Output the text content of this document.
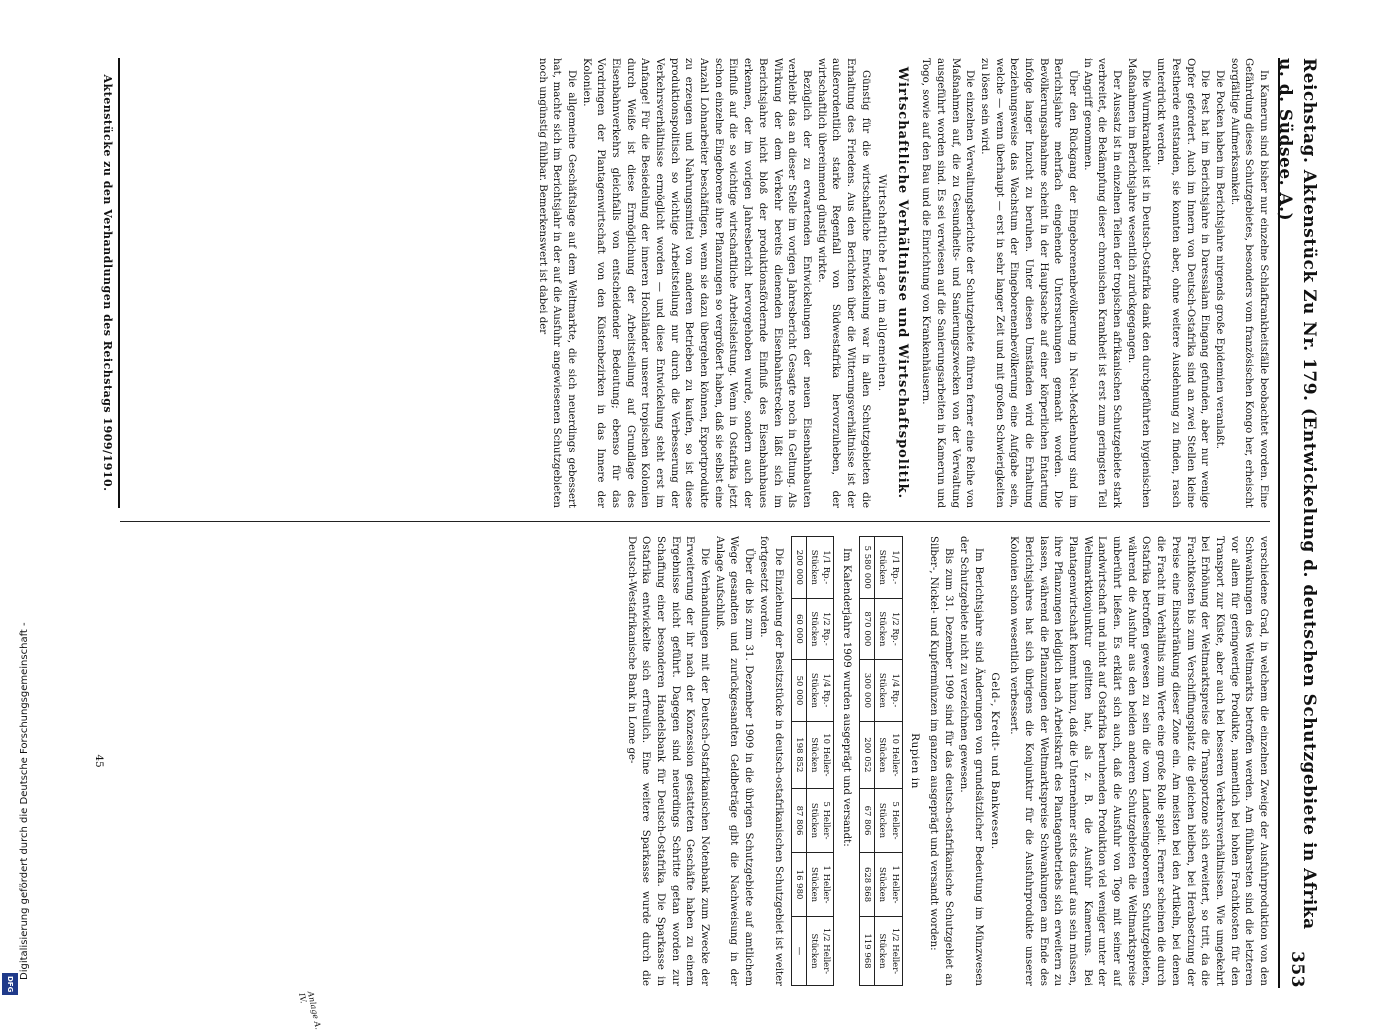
Digitalisierung gefördert durch die Deutsche Forschungsgemeinschaft -
DFG
Reichstag. Aktenstück Zu Nr. 179. (Entwickelung d. deutschen Schutzgebiete in Afrika u. d. Südsee. A.)
353

In Kamerun sind bisher nur einzelne Schlafkrankheitsfälle beobachtet worden. Eine Gefährdung dieses Schutzgebietes, besonders vom französischen Kongo her, erheischt sorgfältige Aufmerksamkeit.

Die Pocken haben im Berichtsjahre nirgends große Epidemien veranlaßt.

Die Pest hat im Berichtsjahre in Daressalam Eingang gefunden, aber nur wenige Opfer gefordert. Auch im Innern von Deutsch-Ostafrika sind an zwei Stellen kleine Pestherde entstanden, sie konnten aber, ohne weitere Ausdehnung zu finden, rasch unterdrückt werden.

Die Wurmkrankheit ist in Deutsch-Ostafrika dank den durchgeführten hygienischen Maßnahmen im Berichtsjahre wesentlich zurückgegangen.

Der Aussatz ist in einzelnen Teilen der tropischen afrikanischen Schutzgebiete stark verbreitet, die Bekämpfung dieser chronischen Krankheit ist erst zum geringsten Teil in Angriff genommen.

Über den Rückgang der Eingeborenenbevölkerung in Neu-Mecklenburg sind im Berichtsjahre mehrfach eingehende Untersuchungen gemacht worden. Die Bevölkerungsabnahme scheint in der Hauptsache auf einer körperlichen Entartung infolge langer Inzucht zu beruhen. Unter diesen Umständen wird die Erhaltung beziehungsweise das Wachstum der Eingeborenenbevölkerung eine Aufgabe sein, welche — wenn überhaupt — erst in sehr langer Zeit und mit großen Schwierigkeiten zu lösen sein wird.

Die einzelnen Verwaltungsberichte der Schutzgebiete führen ferner eine Reihe von Maßnahmen auf, die zu Gesundheits- und Sanierungszwecken von der Verwaltung ausgeführt worden sind. Es sei verwiesen auf die Sanierungsarbeiten in Kamerun und Togo, sowie auf den Bau und die Einrichtung von Krankenhäusern.

Wirtschaftliche Verhältnisse und Wirtschaftspolitik.
Wirtschaftliche Lage im allgemeinen.

Günstig für die wirtschaftliche Entwickelung war in allen Schutzgebieten die Erhaltung des Friedens. Aus den Berichten über die Witterungsverhältnisse ist der außerordentlich starke Regenfall von Südwestafrika hervorzuheben, der wirtschaftlich übereinmend günstig wirkte.

Bezüglich der zu erwartenden Entwickelungen der neuen Eisenbahnbauten verbleibt das an dieser Stelle im vorigen Jahresbericht Gesagte noch in Geltung. Als Wirkung der dem Verkehr bereits dienenden Eisenbahnstrecken läßt sich im Berichtsjahre nicht bloß der produktionsfördernde Einfluß des Eisenbahnbaues erkennen, der im vorigen Jahresbericht hervorgehoben wurde, sondern auch der Einfluß auf die so wichtige wirtschaftliche Arbeitsleistung. Wenn in Ostafrika jetzt schon einzelne Eingeborene ihre Pflanzungen so vergrößert haben, daß sie selbst eine Anzahl Lohnarbeiter beschäftigen, wenn sie dazu übergehen können, Exportprodukte zu erzeugen und Nahrungsmittel von anderen Betrieben zu kaufen, so ist diese produktionspolitisch so wichtige Arbeitsteilung nur durch die Verbesserung der Verkehrsverhältnisse ermöglicht worden — und diese Entwickelung steht erst im Anfange! Für die Besiedelung der inneren Hochländer unserer tropischen Kolonien durch Weiße ist diese Ermöglichung der Arbeitsteilung auf Grundlage des Eisenbahnverkehrs gleichfalls von entscheidender Bedeutung; ebenso für das Vordringen der Plantagenwirtschaft von den Küstenbezirken in das Innere der Kolonien.

Die allgemeine Geschäftslage auf dem Weltmarkte, die sich neuerdings gebessert hat, machte sich im Berichtsjahr in der auf die Ausfuhr angewiesenen Schutzgebieten noch ungünstig fühlbar. Bemerkenswert ist dabei der

verschiedene Grad, in welchem die einzelnen Zweige der Ausfuhrproduktion von den Schwankungen des Weltmarkts betroffen werden. Am fühlbarsten sind die letzteren vor allem für geringwertige Produkte, namentlich bei hohen Frachtkosten für den Transport zur Küste, aber auch bei besseren Verkehrsverhältnissen. Wie umgekehrt bei Erhöhung der Weltmarktspreise die Transportzone sich erweitert, so tritt, da die Frachtkosten bis zum Verschiffungsplatz die gleichen bleiben, bei Herabsetzung der Preise eine Einschränkung dieser Zone ein. Am meisten bei den Artikeln, bei denen die Fracht im Verhältnis zum Werte eine große Rolle spielt. Ferner scheinen die durch Ostafrika betroffen gewesen zu sein die vom Landeseingeborenen Schutzgebieten, während die Ausfuhr aus den beiden anderen Schutzgebieten die Weltmarktspreise unberührt ließen. Es erklärt sich auch, daß die Ausfuhr von Togo mit seiner auf Landwirtschaft und nicht auf Ostafrika beruhenden Produktion viel weniger unter der Weltmarktkonjunktur gelitten hat, als z. B. die Ausfuhr Kameruns. Bei Plantagenwirtschaft kommt hinzu, daß die Unternehmer stets darauf aus sein müssen, ihre Pflanzungen lediglich nach Arbeitskraft des Plantagenbetriebs sich erweitern zu lassen, während die Pflanzungen der Weltmarktspreise Schwankungen am Ende des Berichtsjahres hat sich übrigens die Konjunktur für die Ausfuhrprodukte unserer Kolonien schon wesentlich verbessert.

Geld-, Kredit- und Bankwesen.

Im Berichtsjahre sind Änderungen von grundsätzlicher Bedeutung im Münzwesen der Schutzgebiete nicht zu verzeichnen gewesen.

Bis zum 31. Dezember 1909 sind für das deutsch-ostafrikanische Schutzgebiet an Silber-, Nickel- und Kupfermünzen im ganzen ausgeprägt und versandt worden:

Rupien in
1/1 Rp.- Stücken	1/2 Rp.- Stücken	1/4 Rp.- Stücken	10 Heller- Stücken	5 Heller- Stücken	1 Heller- Stücken	1/2 Heller- Stücken
5 580 000	870 000	300 000	200 052	67 806	628 868	119 968

Im Kalenderjahre 1909 wurden ausgeprägt und versandt:

1/1 Rp.- Stücken	1/2 Rp.- Stücken	1/4 Rp.- Stücken	10 Heller- Stücken	5 Heller- Stücken	1 Heller- Stücken	1/2 Heller- Stücken
200 000	60 000	50 000	198 852	87 806	16 980	—

Die Einziehung der Besitzstücke in deutsch-ostafrikanischen Schutzgebiet ist weiter fortgesetzt worden.

Über die bis zum 31. Dezember 1909 in die übrigen Schutzgebiete auf amtlichem Wege gesandten und zurückgesandten Geldbeträge gibt die Nachweisung in der Anlage Aufschluß.

Die Verhandlungen mit der Deutsch-Ostafrikanischen Notenbank zum Zwecke der Erweiterung der ihr nach der Konzession gestatteten Geschäfte haben zu einem Ergebnisse nicht geführt. Dagegen sind neuerdings Schritte getan worden zur Schaffung einer besonderen Handelsbank für Deutsch-Ostafrika. Die Sparkasse in Ostafrika entwickelte sich erfreulich. Eine weitere Sparkasse wurde durch die Deutsch-Westafrikanische Bank in Lome ge-

Anlage A. IV.
Aktenstücke zu den Verhandlungen des Reichstags 1909/1910.
45
